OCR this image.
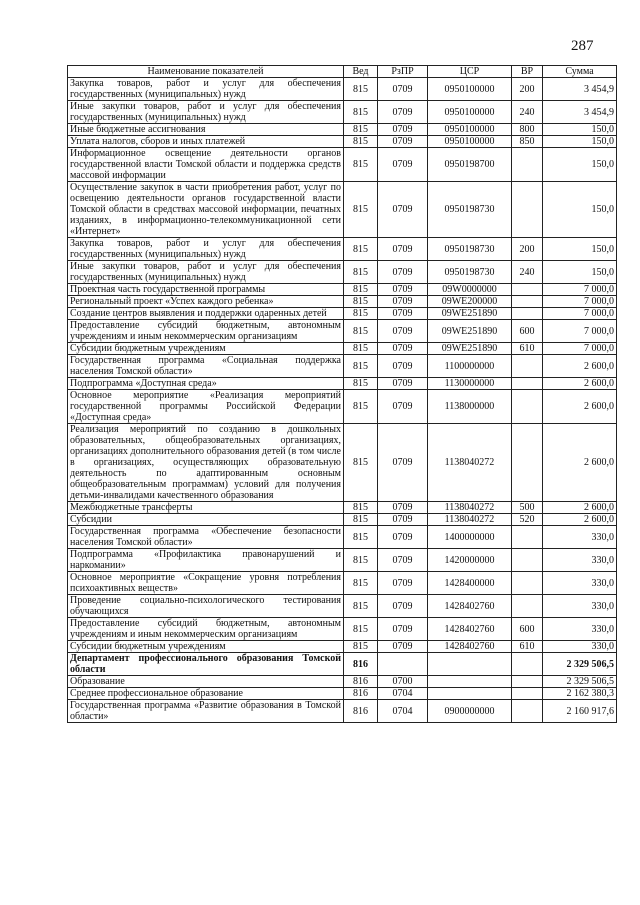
287
Наименование показателей	Вед	РзПР	ЦСР	ВР	Сумма
Закупка товаров, работ и услуг для обеспечения государственных (муниципальных) нужд	815	0709	0950100000	200	3 454,9
Иные закупки товаров, работ и услуг для обеспечения государственных (муниципальных) нужд	815	0709	0950100000	240	3 454,9
Иные бюджетные ассигнования	815	0709	0950100000	800	150,0
Уплата налогов, сборов и иных платежей	815	0709	0950100000	850	150,0
Информационное освещение деятельности органов государственной власти Томской области и поддержка средств массовой информации	815	0709	0950198700		150,0
Осуществление закупок в части приобретения работ, услуг по освещению деятельности органов государственной власти Томской области в средствах массовой информации, печатных изданиях, в информационно-телекоммуникационной сети «Интернет»	815	0709	0950198730		150,0
Закупка товаров, работ и услуг для обеспечения государственных (муниципальных) нужд	815	0709	0950198730	200	150,0
Иные закупки товаров, работ и услуг для обеспечения государственных (муниципальных) нужд	815	0709	0950198730	240	150,0
Проектная часть государственной программы	815	0709	09W0000000		7 000,0
Региональный проект «Успех каждого ребенка»	815	0709	09WE200000		7 000,0
Создание центров выявления и поддержки одаренных детей	815	0709	09WE251890		7 000,0
Предоставление субсидий бюджетным, автономным учреждениям и иным некоммерческим организациям	815	0709	09WE251890	600	7 000,0
Субсидии бюджетным учреждениям	815	0709	09WE251890	610	7 000,0
Государственная программа «Социальная поддержка населения Томской области»	815	0709	1100000000		2 600,0
Подпрограмма «Доступная среда»	815	0709	1130000000		2 600,0
Основное мероприятие «Реализация мероприятий государственной программы Российской Федерации «Доступная среда»	815	0709	1138000000		2 600,0
Реализация мероприятий по созданию в дошкольных образовательных, общеобразовательных организациях, организациях дополнительного образования детей (в том числе в организациях, осуществляющих образовательную деятельность по адаптированным основным общеобразовательным программам) условий для получения детьми-инвалидами качественного образования	815	0709	1138040272		2 600,0
Межбюджетные трансферты	815	0709	1138040272	500	2 600,0
Субсидии	815	0709	1138040272	520	2 600,0
Государственная программа «Обеспечение безопасности населения Томской области»	815	0709	1400000000		330,0
Подпрограмма «Профилактика правонарушений и наркомании»	815	0709	1420000000		330,0
Основное мероприятие «Сокращение уровня потребления психоактивных веществ»	815	0709	1428400000		330,0
Проведение социально-психологического тестирования обучающихся	815	0709	1428402760		330,0
Предоставление субсидий бюджетным, автономным учреждениям и иным некоммерческим организациям	815	0709	1428402760	600	330,0
Субсидии бюджетным учреждениям	815	0709	1428402760	610	330,0
Департамент профессионального образования Томской области	816				2 329 506,5
Образование	816	0700			2 329 506,5
Среднее профессиональное образование	816	0704			2 162 380,3
Государственная программа «Развитие образования в Томской области»	816	0704	0900000000		2 160 917,6
